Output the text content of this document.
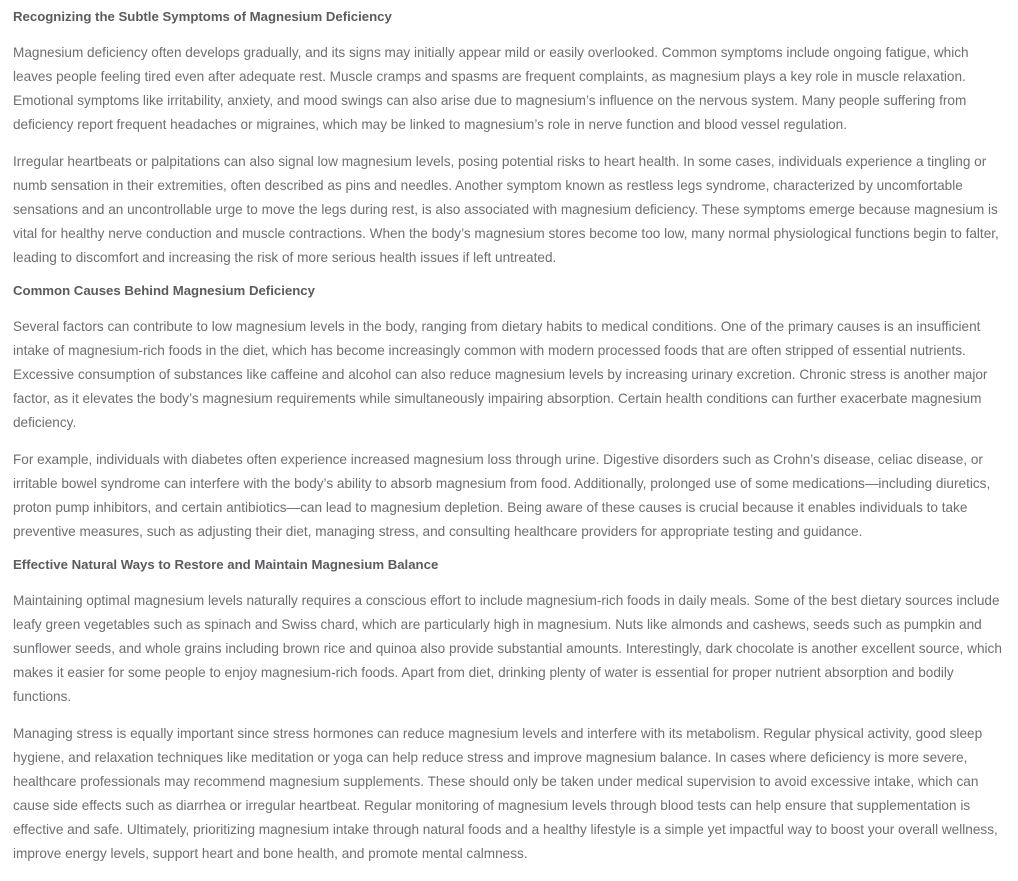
Recognizing the Subtle Symptoms of Magnesium Deficiency

Magnesium deficiency often develops gradually, and its signs may initially appear mild or easily overlooked. Common symptoms include ongoing fatigue, which leaves people feeling tired even after adequate rest. Muscle cramps and spasms are frequent complaints, as magnesium plays a key role in muscle relaxation. Emotional symptoms like irritability, anxiety, and mood swings can also arise due to magnesium’s influence on the nervous system. Many people suffering from deficiency report frequent headaches or migraines, which may be linked to magnesium’s role in nerve function and blood vessel regulation.

Irregular heartbeats or palpitations can also signal low magnesium levels, posing potential risks to heart health. In some cases, individuals experience a tingling or numb sensation in their extremities, often described as pins and needles. Another symptom known as restless legs syndrome, characterized by uncomfortable sensations and an uncontrollable urge to move the legs during rest, is also associated with magnesium deficiency. These symptoms emerge because magnesium is vital for healthy nerve conduction and muscle contractions. When the body’s magnesium stores become too low, many normal physiological functions begin to falter, leading to discomfort and increasing the risk of more serious health issues if left untreated.

Common Causes Behind Magnesium Deficiency

Several factors can contribute to low magnesium levels in the body, ranging from dietary habits to medical conditions. One of the primary causes is an insufficient intake of magnesium-rich foods in the diet, which has become increasingly common with modern processed foods that are often stripped of essential nutrients. Excessive consumption of substances like caffeine and alcohol can also reduce magnesium levels by increasing urinary excretion. Chronic stress is another major factor, as it elevates the body’s magnesium requirements while simultaneously impairing absorption. Certain health conditions can further exacerbate magnesium deficiency.

For example, individuals with diabetes often experience increased magnesium loss through urine. Digestive disorders such as Crohn’s disease, celiac disease, or irritable bowel syndrome can interfere with the body’s ability to absorb magnesium from food. Additionally, prolonged use of some medications—including diuretics, proton pump inhibitors, and certain antibiotics—can lead to magnesium depletion. Being aware of these causes is crucial because it enables individuals to take preventive measures, such as adjusting their diet, managing stress, and consulting healthcare providers for appropriate testing and guidance.

Effective Natural Ways to Restore and Maintain Magnesium Balance

Maintaining optimal magnesium levels naturally requires a conscious effort to include magnesium-rich foods in daily meals. Some of the best dietary sources include leafy green vegetables such as spinach and Swiss chard, which are particularly high in magnesium. Nuts like almonds and cashews, seeds such as pumpkin and sunflower seeds, and whole grains including brown rice and quinoa also provide substantial amounts. Interestingly, dark chocolate is another excellent source, which makes it easier for some people to enjoy magnesium-rich foods. Apart from diet, drinking plenty of water is essential for proper nutrient absorption and bodily functions.

Managing stress is equally important since stress hormones can reduce magnesium levels and interfere with its metabolism. Regular physical activity, good sleep hygiene, and relaxation techniques like meditation or yoga can help reduce stress and improve magnesium balance. In cases where deficiency is more severe, healthcare professionals may recommend magnesium supplements. These should only be taken under medical supervision to avoid excessive intake, which can cause side effects such as diarrhea or irregular heartbeat. Regular monitoring of magnesium levels through blood tests can help ensure that supplementation is effective and safe. Ultimately, prioritizing magnesium intake through natural foods and a healthy lifestyle is a simple yet impactful way to boost your overall wellness, improve energy levels, support heart and bone health, and promote mental calmness.
